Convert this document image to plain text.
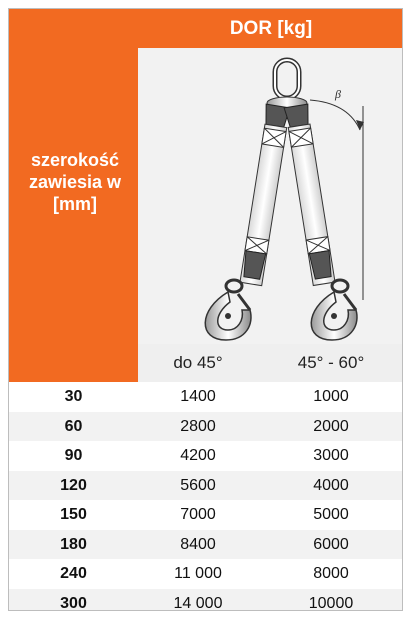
DOR [kg]
szerokość zawiesia w [mm]
β
do 45°	45° - 60°
30	1400	1000
60	2800	2000
90	4200	3000
120	5600	4000
150	7000	5000
180	8400	6000
240	11 000	8000
300	14 000	10000
